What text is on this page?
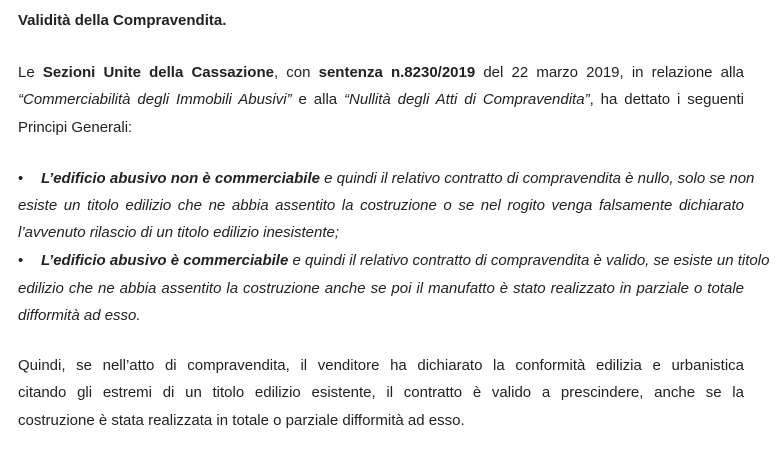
Validità della Compravendita.
Le Sezioni Unite della Cassazione, con sentenza n.8230/2019 del 22 marzo 2019, in relazione alla
“Commerciabilità degli Immobili Abusivi” e alla “Nullità degli Atti di Compravendita”, ha dettato i seguenti
Principi Generali:
• L’edificio abusivo non è commerciabile e quindi il relativo contratto di compravendita è nullo, solo se non
esiste un titolo edilizio che ne abbia assentito la costruzione o se nel rogito venga falsamente dichiarato
l’avvenuto rilascio di un titolo edilizio inesistente;
• L’edificio abusivo è commerciabile e quindi il relativo contratto di compravendita è valido, se esiste un titolo
edilizio che ne abbia assentito la costruzione anche se poi il manufatto è stato realizzato in parziale o totale
difformità ad esso.
Quindi, se nell’atto di compravendita, il venditore ha dichiarato la conformità edilizia e urbanistica
citando gli estremi di un titolo edilizio esistente, il contratto è valido a prescindere, anche se la
costruzione è stata realizzata in totale o parziale difformità ad esso.
